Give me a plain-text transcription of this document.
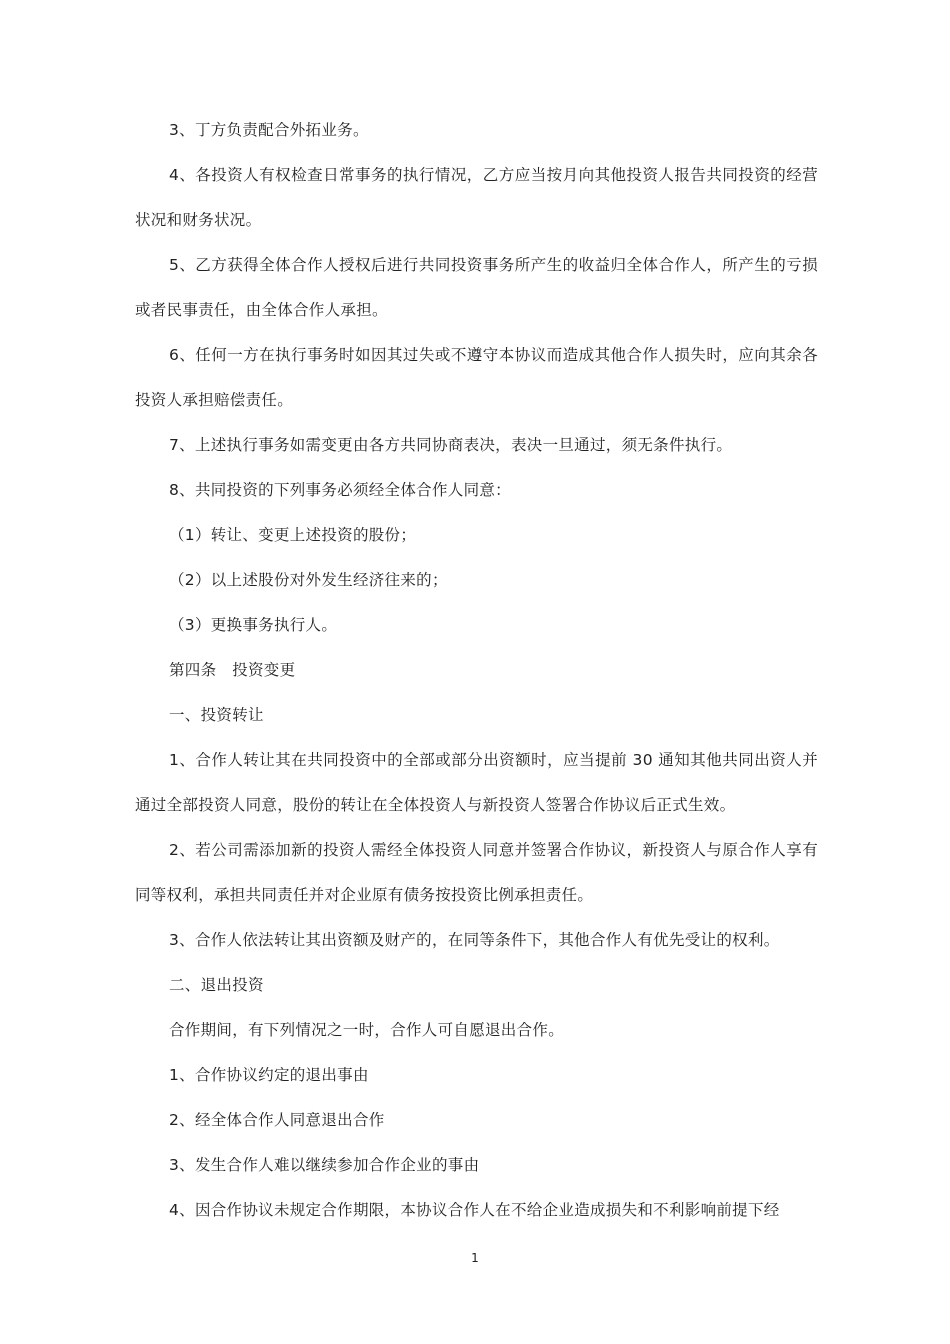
3、丁方负责配合外拓业务。

4、各投资人有权检查日常事务的执行情况，乙方应当按月向其他投资人报告共同投资的经营状况和财务状况。

5、乙方获得全体合作人授权后进行共同投资事务所产生的收益归全体合作人，所产生的亏损或者民事责任，由全体合作人承担。

6、任何一方在执行事务时如因其过失或不遵守本协议而造成其他合作人损失时，应向其余各投资人承担赔偿责任。

7、上述执行事务如需变更由各方共同协商表决，表决一旦通过，须无条件执行。

8、共同投资的下列事务必须经全体合作人同意：

（1）转让、变更上述投资的股份；

（2）以上述股份对外发生经济往来的；

（3）更换事务执行人。

第四条　投资变更

一、投资转让

1、合作人转让其在共同投资中的全部或部分出资额时，应当提前 30 通知其他共同出资人并通过全部投资人同意，股份的转让在全体投资人与新投资人签署合作协议后正式生效。

2、若公司需添加新的投资人需经全体投资人同意并签署合作协议，新投资人与原合作人享有同等权利，承担共同责任并对企业原有债务按投资比例承担责任。

3、合作人依法转让其出资额及财产的，在同等条件下，其他合作人有优先受让的权利。

二、退出投资

合作期间，有下列情况之一时，合作人可自愿退出合作。

1、合作协议约定的退出事由

2、经全体合作人同意退出合作

3、发生合作人难以继续参加合作企业的事由

4、因合作协议未规定合作期限，本协议合作人在不给企业造成损失和不利影响前提下经

1
